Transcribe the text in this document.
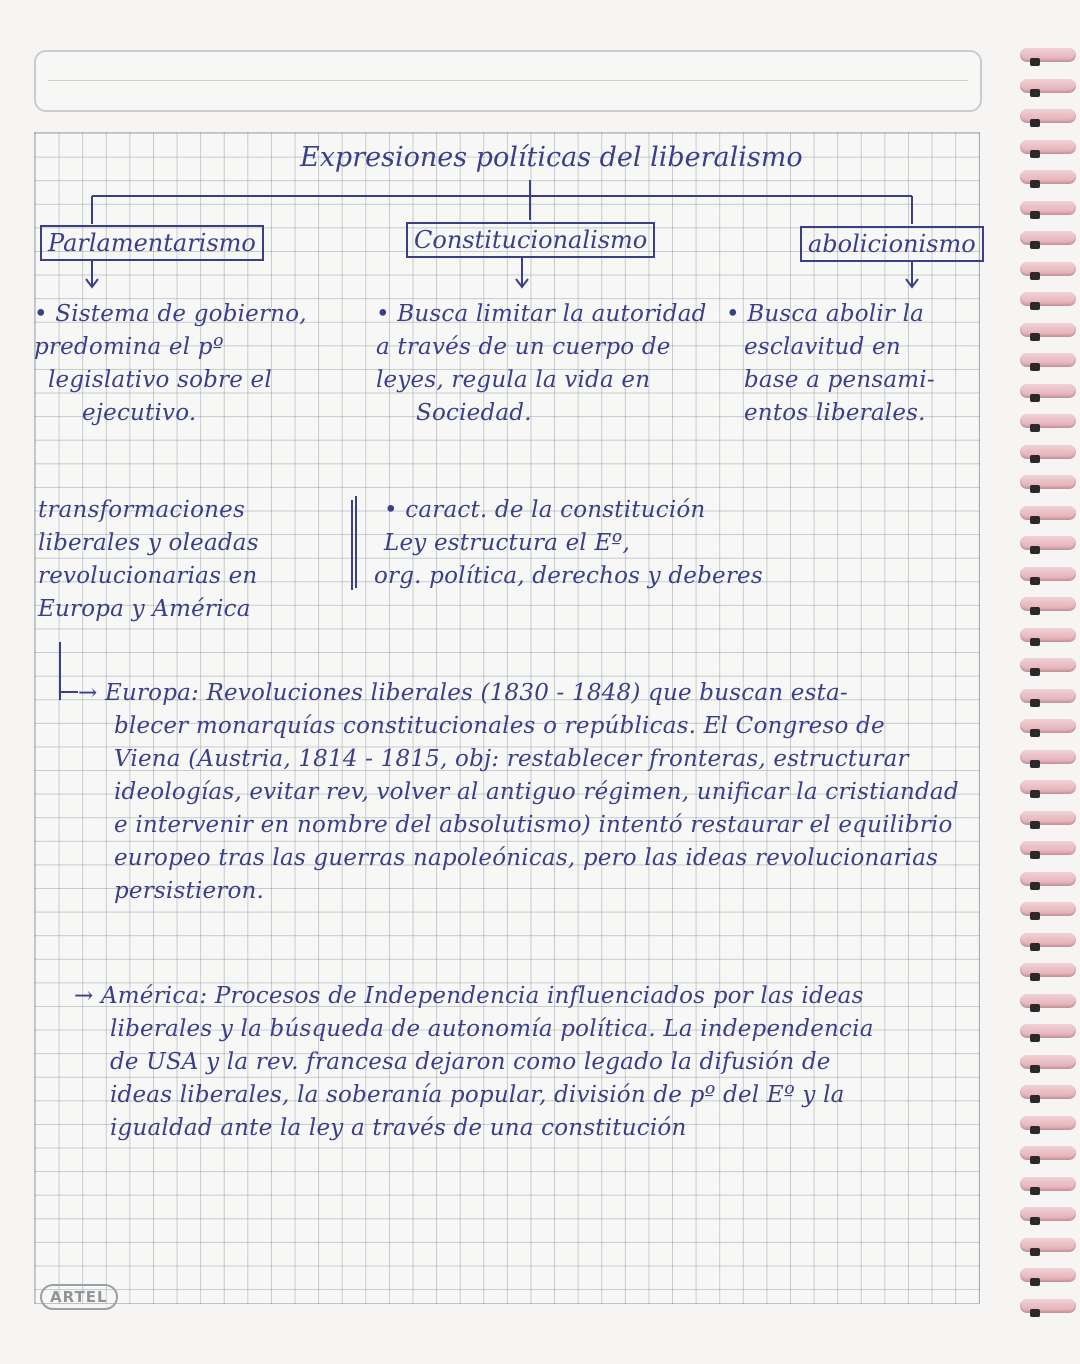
Expresiones políticas del liberalismo
Parlamentarismo	Constitucionalismo	abolicionismo
• Sistema de gobierno,
predomina el pº
legislativo sobre el
ejecutivo.
• Busca limitar la autoridad
a través de un cuerpo de
leyes, regula la vida en
Sociedad.
• Busca abolir la
esclavitud en
base a pensami-
entos liberales.
transformaciones
liberales y oleadas
revolucionarias en
Europa y América
• caract. de la constitución
Ley estructura el Eº,
org. política, derechos y deberes
→ Europa: Revoluciones liberales (1830 - 1848) que buscan esta-
blecer monarquías constitucionales o repúblicas. El Congreso de
Viena (Austria, 1814 - 1815, obj: restablecer fronteras, estructurar
ideologías, evitar rev, volver al antiguo régimen, unificar la cristiandad
e intervenir en nombre del absolutismo) intentó restaurar el equilibrio
europeo tras las guerras napoleónicas, pero las ideas revolucionarias
persistieron.
→ América: Procesos de Independencia influenciados por las ideas
liberales y la búsqueda de autonomía política. La independencia
de USA y la rev. francesa dejaron como legado la difusión de
ideas liberales, la soberanía popular, división de pº del Eº y la
igualdad ante la ley a través de una constitución
ARTEL
